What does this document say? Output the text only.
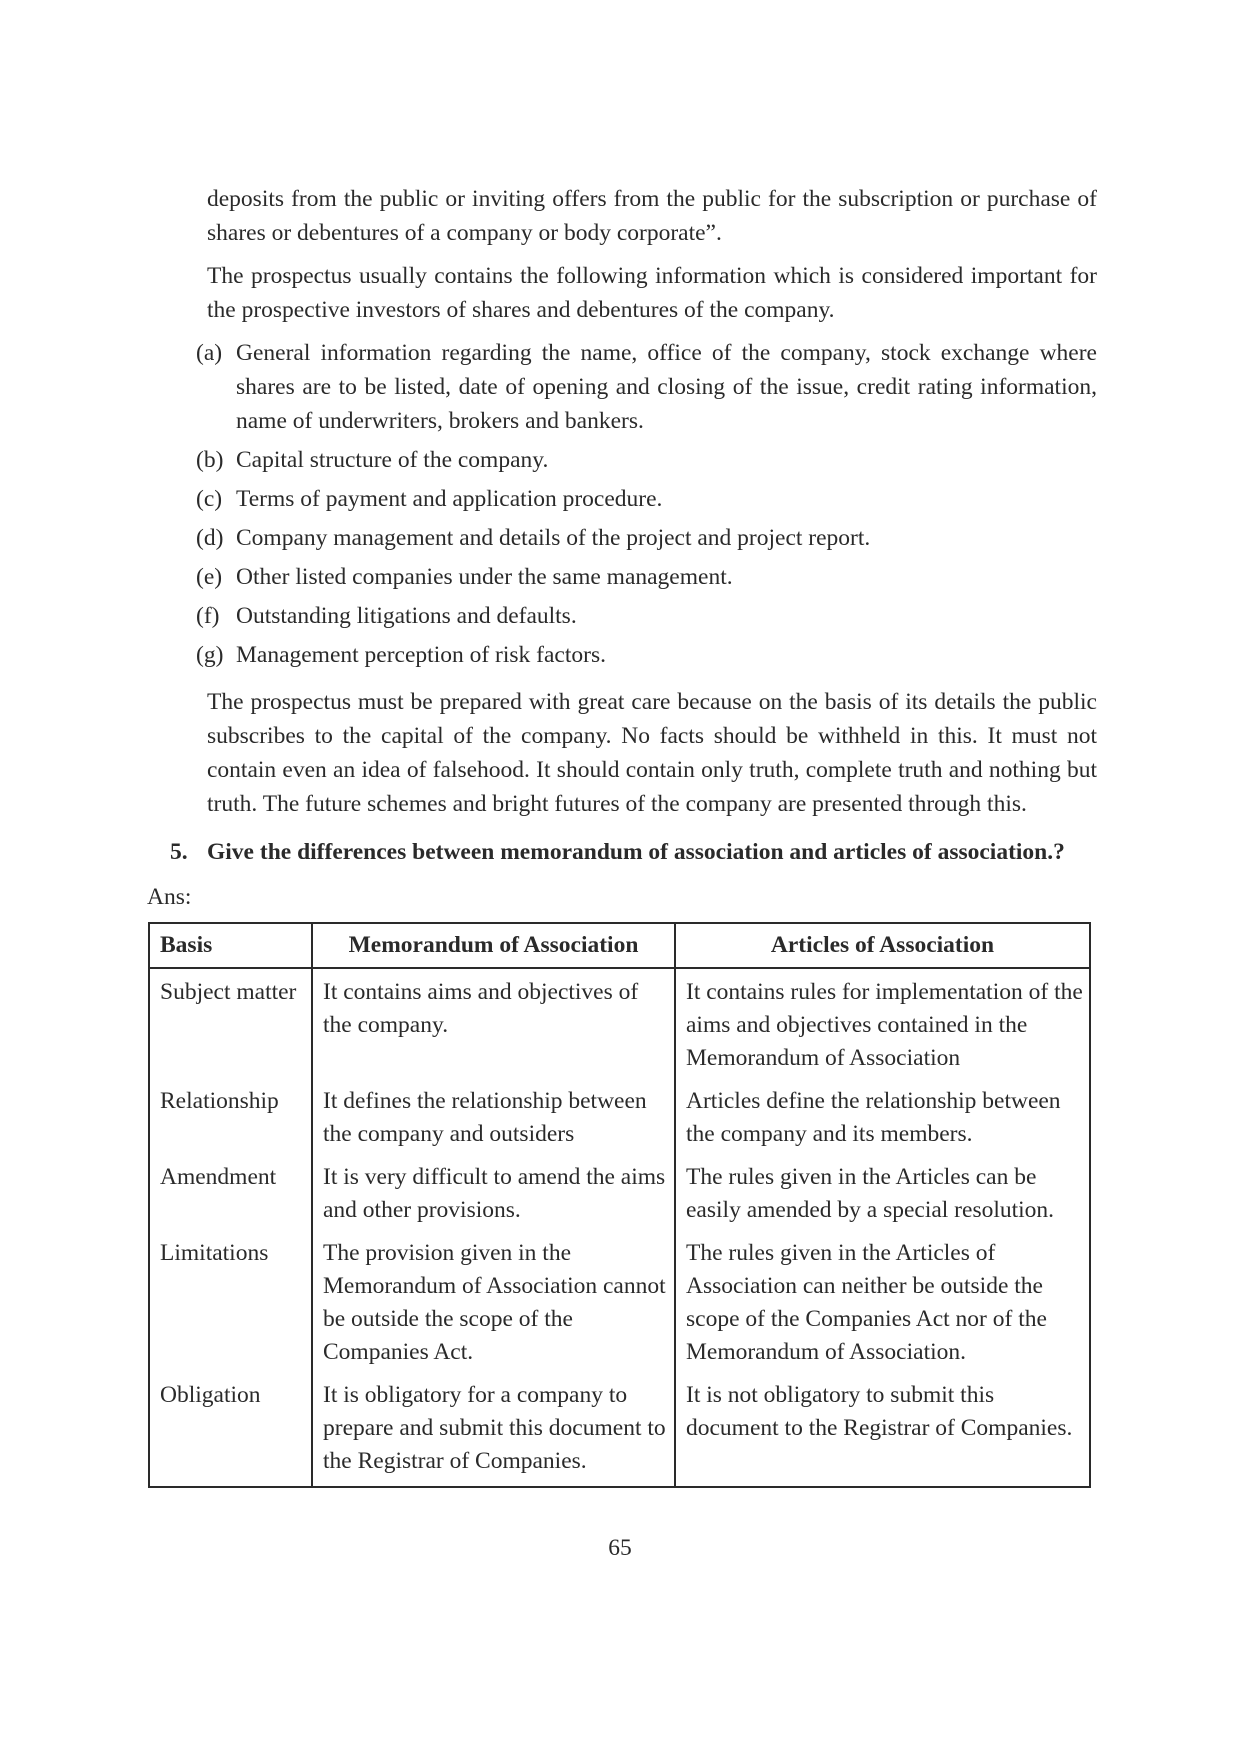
deposits from the public or inviting offers from the public for the subscription or purchase of shares or debentures of a company or body corporate”.

The prospectus usually contains the following information which is considered important for the prospective investors of shares and debentures of the company.

(a) General information regarding the name, office of the company, stock exchange where shares are to be listed, date of opening and closing of the issue, credit rating information, name of underwriters, brokers and bankers.
(b) Capital structure of the company.
(c) Terms of payment and application procedure.
(d) Company management and details of the project and project report.
(e) Other listed companies under the same management.
(f) Outstanding litigations and defaults.
(g) Management perception of risk factors.

The prospectus must be prepared with great care because on the basis of its details the public subscribes to the capital of the company. No facts should be withheld in this. It must not contain even an idea of falsehood. It should contain only truth, complete truth and nothing but truth. The future schemes and bright futures of the company are presented through this.

5. Give the differences between memorandum of association and articles of association.?

Ans:

Basis	Memorandum of Association	Articles of Association
Subject matter	It contains aims and objectives of the company.	It contains rules for implementation of the aims and objectives contained in the Memorandum of Association
Relationship	It defines the relationship between the company and outsiders	Articles define the relationship between the company and its members.
Amendment	It is very difficult to amend the aims and other provisions.	The rules given in the Articles can be easily amended by a special resolution.
Limitations	The provision given in the Memorandum of Association cannot be outside the scope of the Companies Act.	The rules given in the Articles of Association can neither be outside the scope of the Companies Act nor of the Memorandum of Association.
Obligation	It is obligatory for a company to prepare and submit this document to the Registrar of Companies.	It is not obligatory to submit this document to the Registrar of Companies.

65
